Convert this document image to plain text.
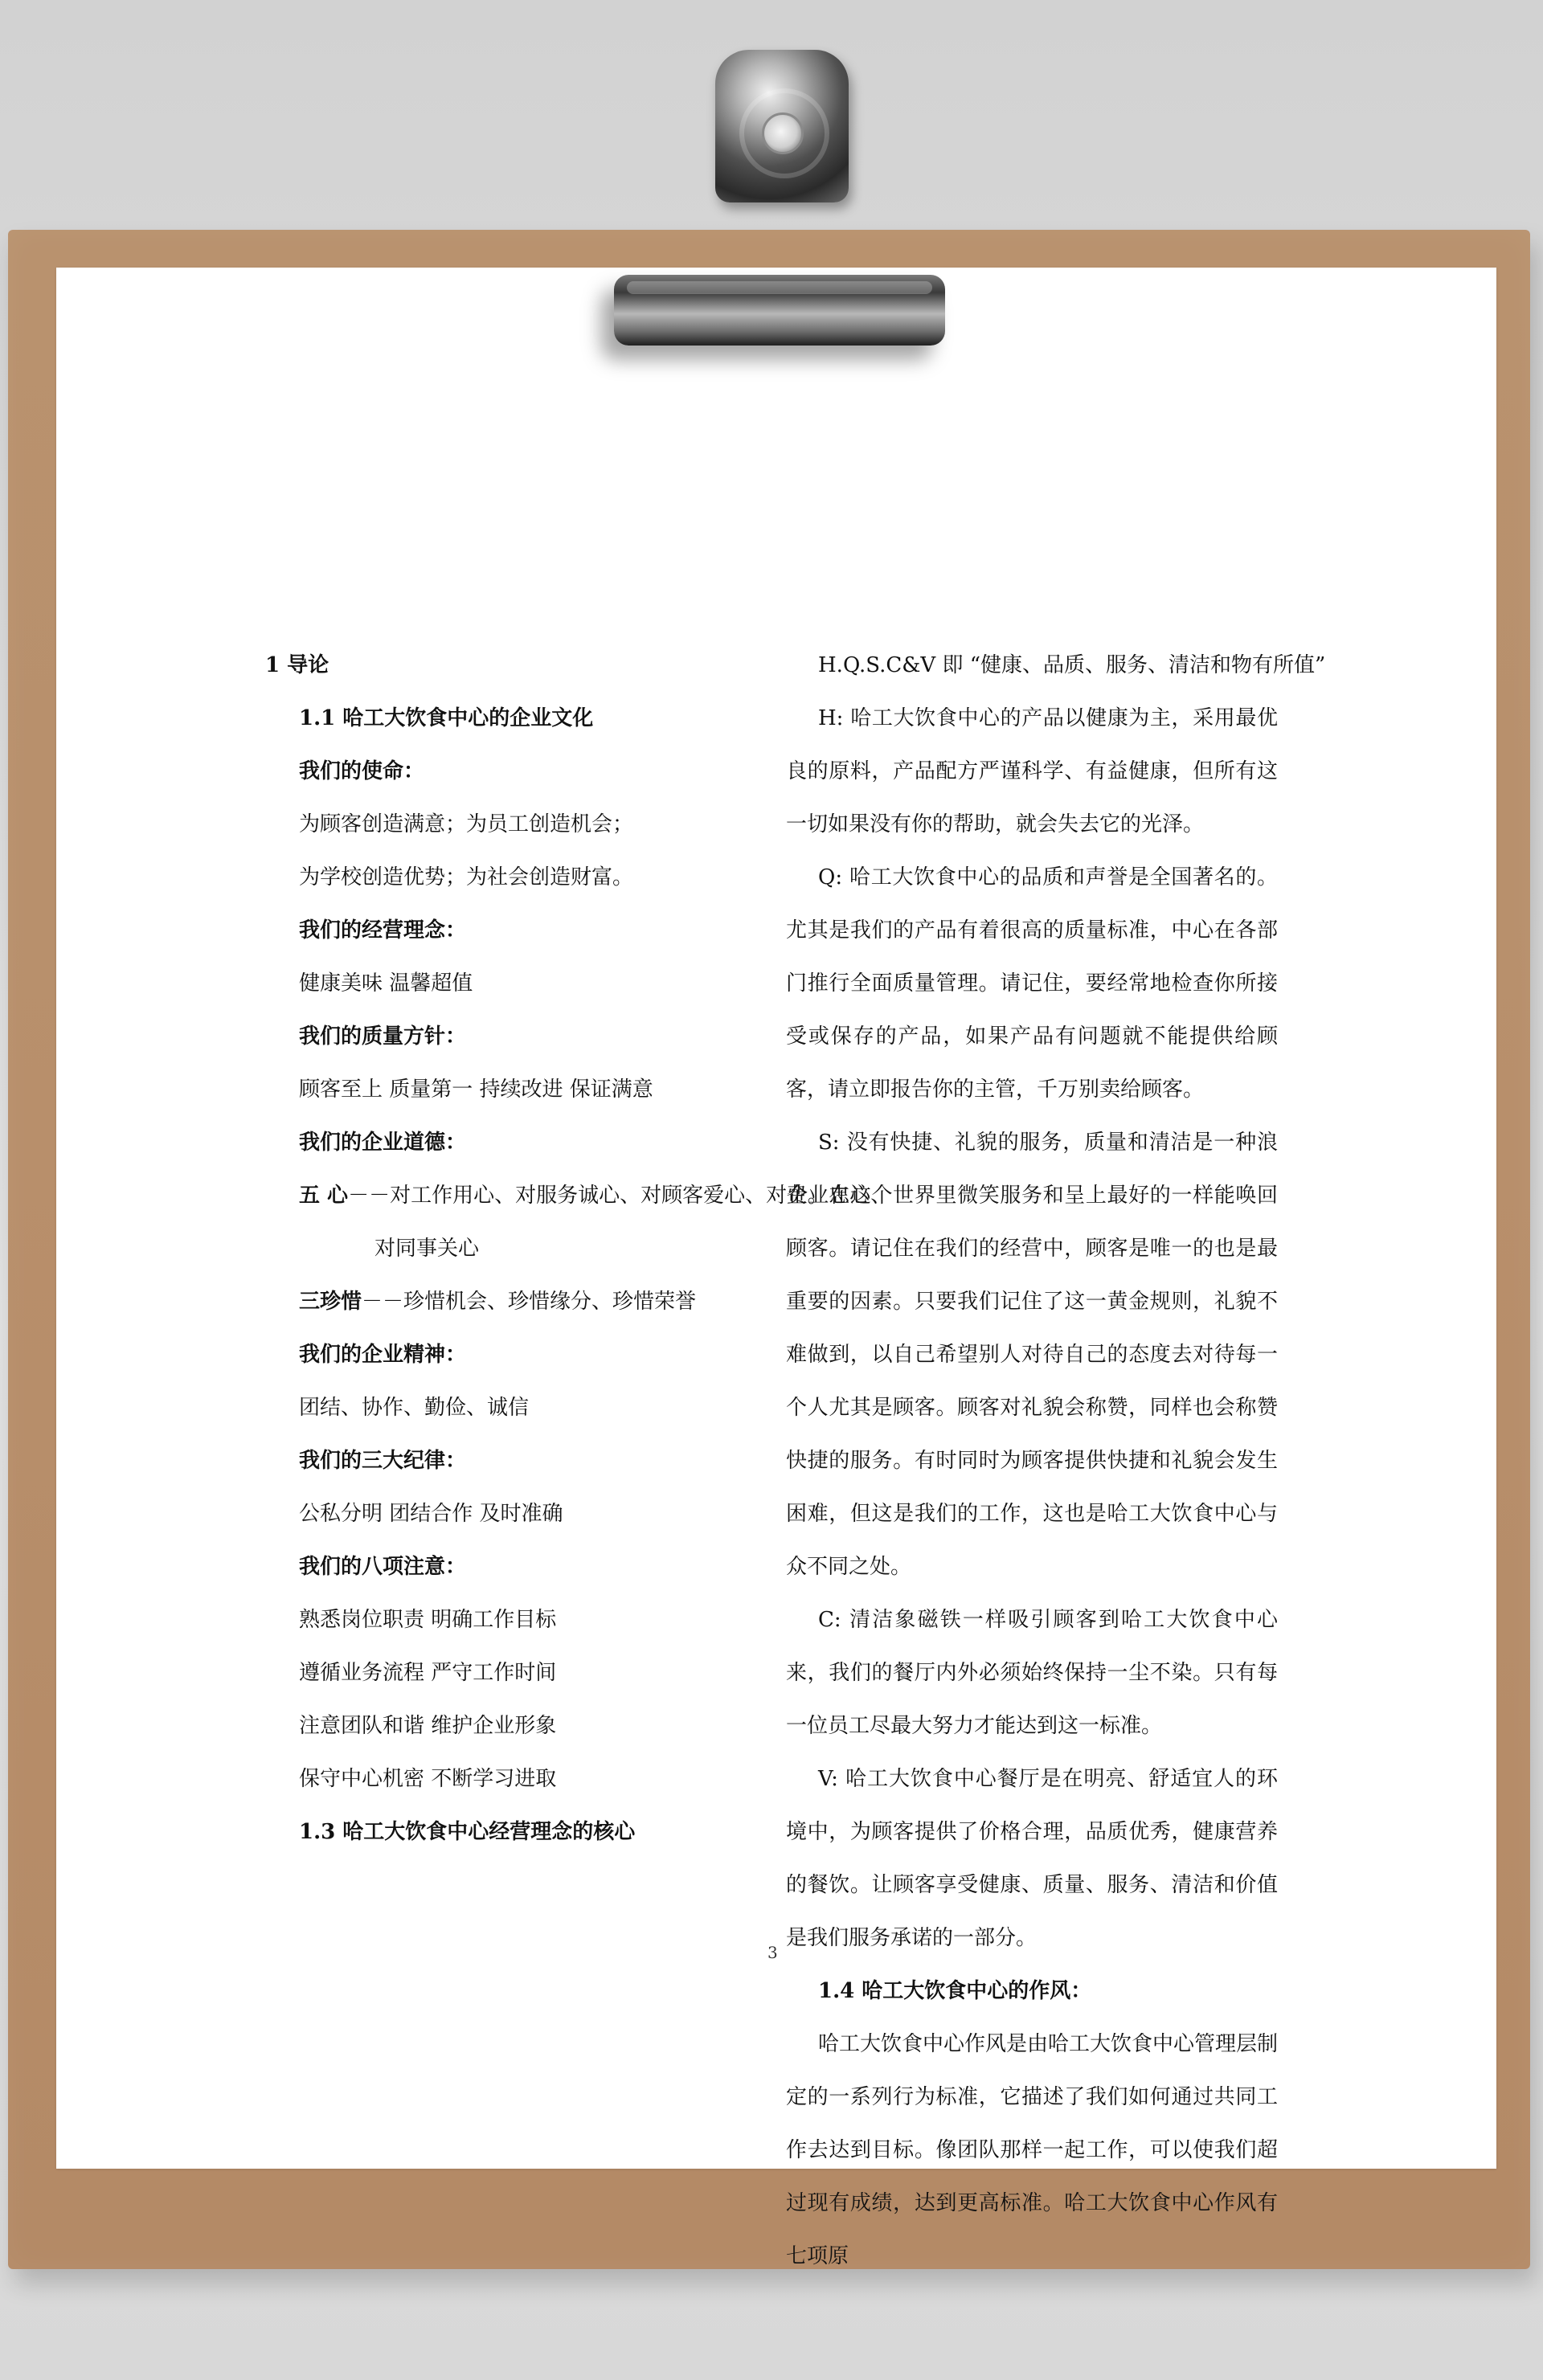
1 导论
1.1 哈工大饮食中心的企业文化
我们的使命：
为顾客创造满意；为员工创造机会；
为学校创造优势；为社会创造财富。
我们的经营理念：
健康美味 温馨超值
我们的质量方针：
顾客至上 质量第一 持续改进 保证满意
我们的企业道德：
五 心－－对工作用心、对服务诚心、对顾客爱心、对企业忠心、
对同事关心
三珍惜－－珍惜机会、珍惜缘分、珍惜荣誉
我们的企业精神：
团结、协作、勤俭、诚信
我们的三大纪律：
公私分明 团结合作 及时准确
我们的八项注意：
熟悉岗位职责 明确工作目标
遵循业务流程 严守工作时间
注意团队和谐 维护企业形象
保守中心机密 不断学习进取
1.3 哈工大饮食中心经营理念的核心
H.Q.S.C&V 即 “健康、品质、服务、清洁和物有所值”
H: 哈工大饮食中心的产品以健康为主，采用最优良的原料，产品配方严谨科学、有益健康，但所有这一切如果没有你的帮助，就会失去它的光泽。
Q: 哈工大饮食中心的品质和声誉是全国著名的。尤其是我们的产品有着很高的质量标准，中心在各部门推行全面质量管理。请记住，要经常地检查你所接受或保存的产品，如果产品有问题就不能提供给顾客，请立即报告你的主管，千万别卖给顾客。
S: 没有快捷、礼貌的服务，质量和清洁是一种浪费。在这个世界里微笑服务和呈上最好的一样能唤回顾客。请记住在我们的经营中，顾客是唯一的也是最重要的因素。只要我们记住了这一黄金规则，礼貌不难做到，以自己希望别人对待自己的态度去对待每一个人尤其是顾客。顾客对礼貌会称赞，同样也会称赞快捷的服务。有时同时为顾客提供快捷和礼貌会发生困难，但这是我们的工作，这也是哈工大饮食中心与众不同之处。
C: 清洁象磁铁一样吸引顾客到哈工大饮食中心来，我们的餐厅内外必须始终保持一尘不染。只有每一位员工尽最大努力才能达到这一标准。
V: 哈工大饮食中心餐厅是在明亮、舒适宜人的环境中，为顾客提供了价格合理，品质优秀，健康营养的餐饮。让顾客享受健康、质量、服务、清洁和价值是我们服务承诺的一部分。
1.4 哈工大饮食中心的作风：
哈工大饮食中心作风是由哈工大饮食中心管理层制定的一系列行为标准，它描述了我们如何通过共同工作去达到目标。像团队那样一起工作，可以使我们超过现有成绩，达到更高标准。哈工大饮食中心作风有七项原
3
